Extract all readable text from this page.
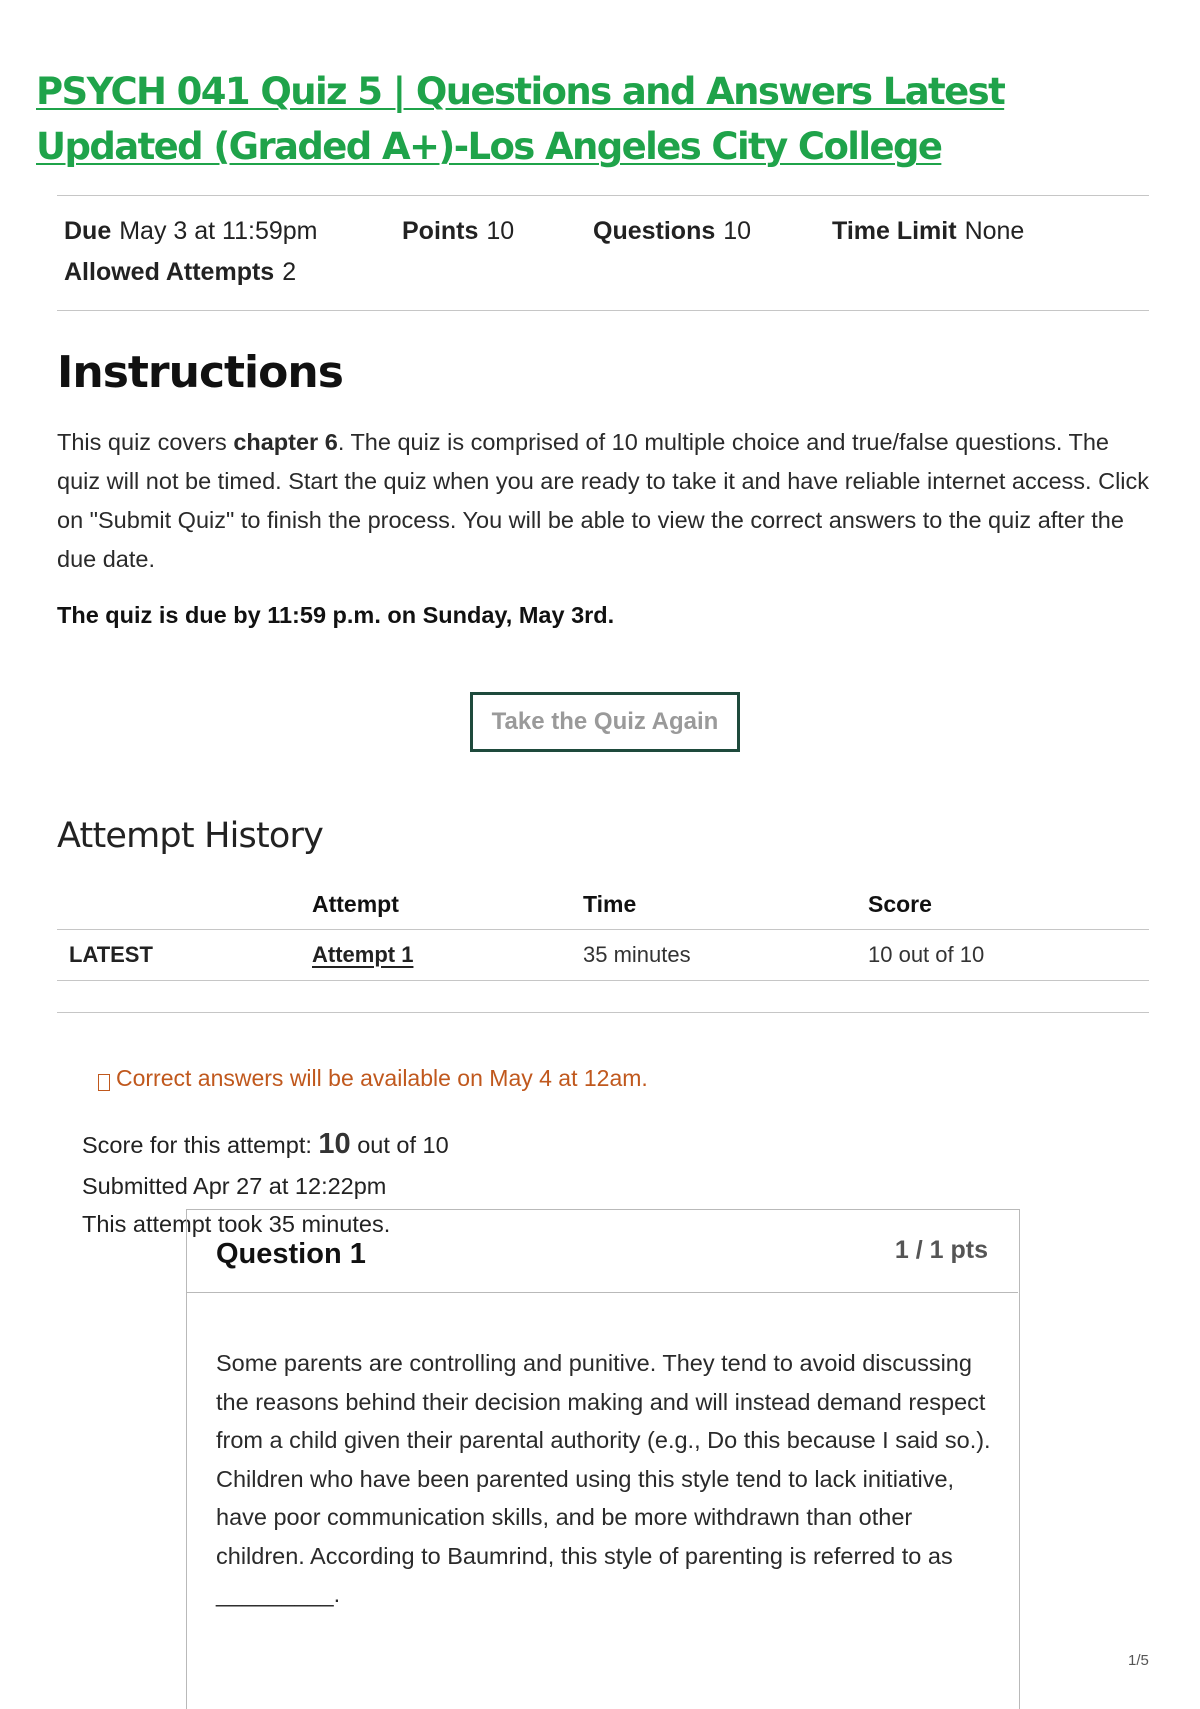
PSYCH 041 Quiz 5 | Questions and Answers Latest Updated (Graded A+)-Los Angeles City College
Due May 3 at 11:59pm	Points 10	Questions 10	Time Limit None
Allowed Attempts 2
Instructions

This quiz covers chapter 6. The quiz is comprised of 10 multiple choice and true/false questions. The quiz will not be timed. Start the quiz when you are ready to take it and have reliable internet access. Click on "Submit Quiz" to finish the process. You will be able to view the correct answers to the quiz after the due date.

The quiz is due by 11:59 p.m. on Sunday, May 3rd.

Take the Quiz Again
Attempt History
	Attempt	Time	Score
LATEST	Attempt 1	35 minutes	10 out of 10
Correct answers will be available on May 4 at 12am.
Score for this attempt: 10 out of 10
Submitted Apr 27 at 12:22pm
This attempt took 35 minutes.
Question 1	1 / 1 pts

Some parents are controlling and punitive. They tend to avoid discussing the reasons behind their decision making and will instead demand respect from a child given their parental authority (e.g., Do this because I said so.). Children who have been parented using this style tend to lack initiative, have poor communication skills, and be more withdrawn than other children. According to Baumrind, this style of parenting is referred to as _________.

1/5
